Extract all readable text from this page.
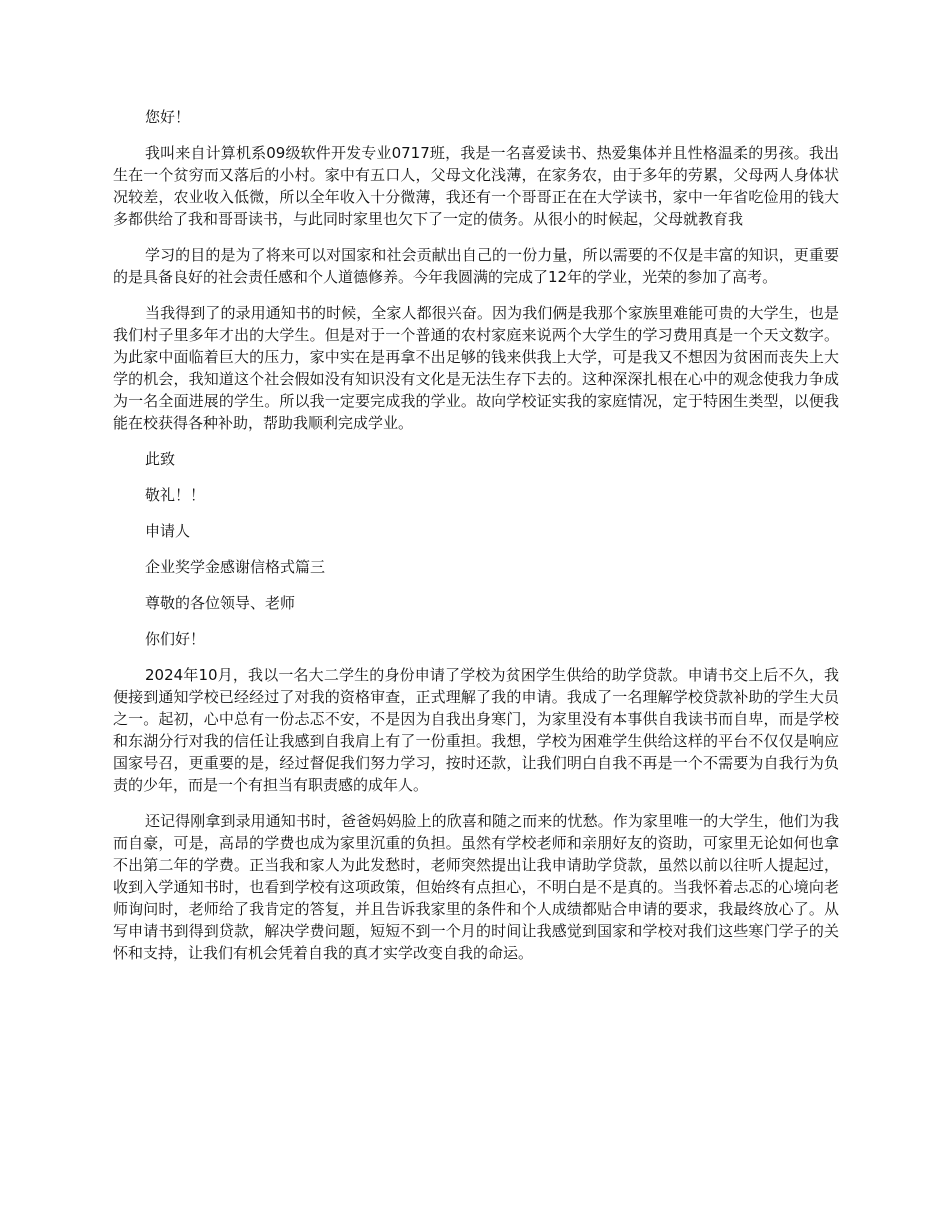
您好！

我叫来自计算机系09级软件开发专业0717班，我是一名喜爱读书、热爱集体并且性格温柔的男孩。我出生在一个贫穷而又落后的小村。家中有五口人，父母文化浅薄，在家务农，由于多年的劳累，父母两人身体状况较差，农业收入低微，所以全年收入十分微薄，我还有一个哥哥正在在大学读书，家中一年省吃俭用的钱大多都供给了我和哥哥读书，与此同时家里也欠下了一定的债务。从很小的时候起，父母就教育我

学习的目的是为了将来可以对国家和社会贡献出自己的一份力量，所以需要的不仅是丰富的知识，更重要的是具备良好的社会责任感和个人道德修养。今年我圆满的完成了12年的学业，光荣的参加了高考。

当我得到了的录用通知书的时候，全家人都很兴奋。因为我们俩是我那个家族里难能可贵的大学生，也是我们村子里多年才出的大学生。但是对于一个普通的农村家庭来说两个大学生的学习费用真是一个天文数字。为此家中面临着巨大的压力，家中实在是再拿不出足够的钱来供我上大学，可是我又不想因为贫困而丧失上大学的机会，我知道这个社会假如没有知识没有文化是无法生存下去的。这种深深扎根在心中的观念使我力争成为一名全面进展的学生。所以我一定要完成我的学业。故向学校证实我的家庭情况，定于特困生类型，以便我能在校获得各种补助，帮助我顺利完成学业。

此致

敬礼！！

申请人

企业奖学金感谢信格式篇三

尊敬的各位领导、老师

你们好！

2024年10月，我以一名大二学生的身份申请了学校为贫困学生供给的助学贷款。申请书交上后不久，我便接到通知学校已经经过了对我的资格审查，正式理解了我的申请。我成了一名理解学校贷款补助的学生大员之一。起初，心中总有一份忐忑不安，不是因为自我出身寒门，为家里没有本事供自我读书而自卑，而是学校和东湖分行对我的信任让我感到自我肩上有了一份重担。我想，学校为困难学生供给这样的平台不仅仅是响应国家号召，更重要的是，经过督促我们努力学习，按时还款，让我们明白自我不再是一个不需要为自我行为负责的少年，而是一个有担当有职责感的成年人。

还记得刚拿到录用通知书时，爸爸妈妈脸上的欣喜和随之而来的忧愁。作为家里唯一的大学生，他们为我而自豪，可是，高昂的学费也成为家里沉重的负担。虽然有学校老师和亲朋好友的资助，可家里无论如何也拿不出第二年的学费。正当我和家人为此发愁时，老师突然提出让我申请助学贷款，虽然以前以往听人提起过，收到入学通知书时，也看到学校有这项政策，但始终有点担心，不明白是不是真的。当我怀着忐忑的心境向老师询问时，老师给了我肯定的答复，并且告诉我家里的条件和个人成绩都贴合申请的要求，我最终放心了。从写申请书到得到贷款，解决学费问题，短短不到一个月的时间让我感觉到国家和学校对我们这些寒门学子的关怀和支持，让我们有机会凭着自我的真才实学改变自我的命运。
